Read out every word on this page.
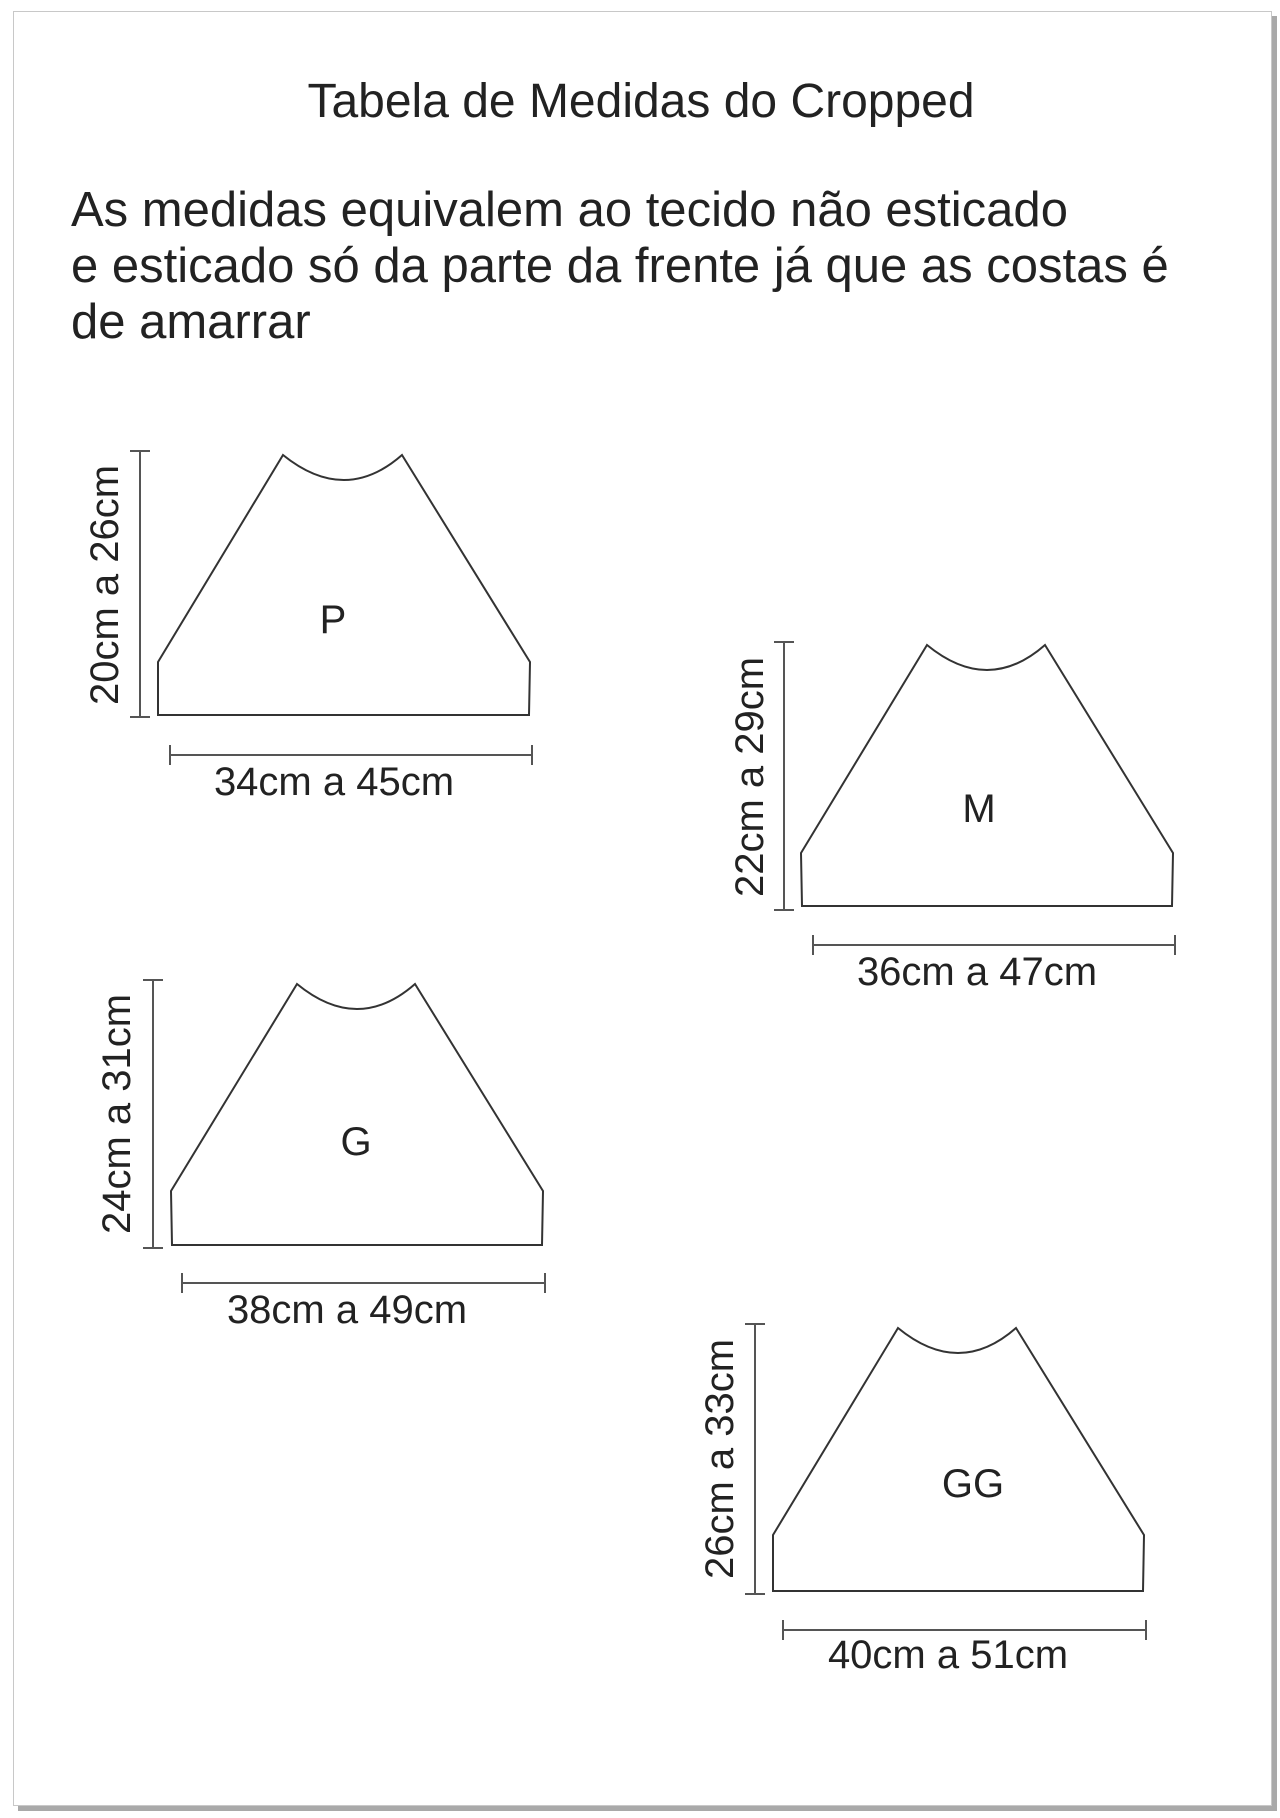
Tabela de Medidas do Cropped

As medidas equivalem ao tecido não esticado
e esticado só da parte da frente já que as costas é
de amarrar

P
20cm a 26cm
34cm a 45cm
M
22cm a 29cm
36cm a 47cm
G
24cm a 31cm
38cm a 49cm
GG
26cm a 33cm
40cm a 51cm
